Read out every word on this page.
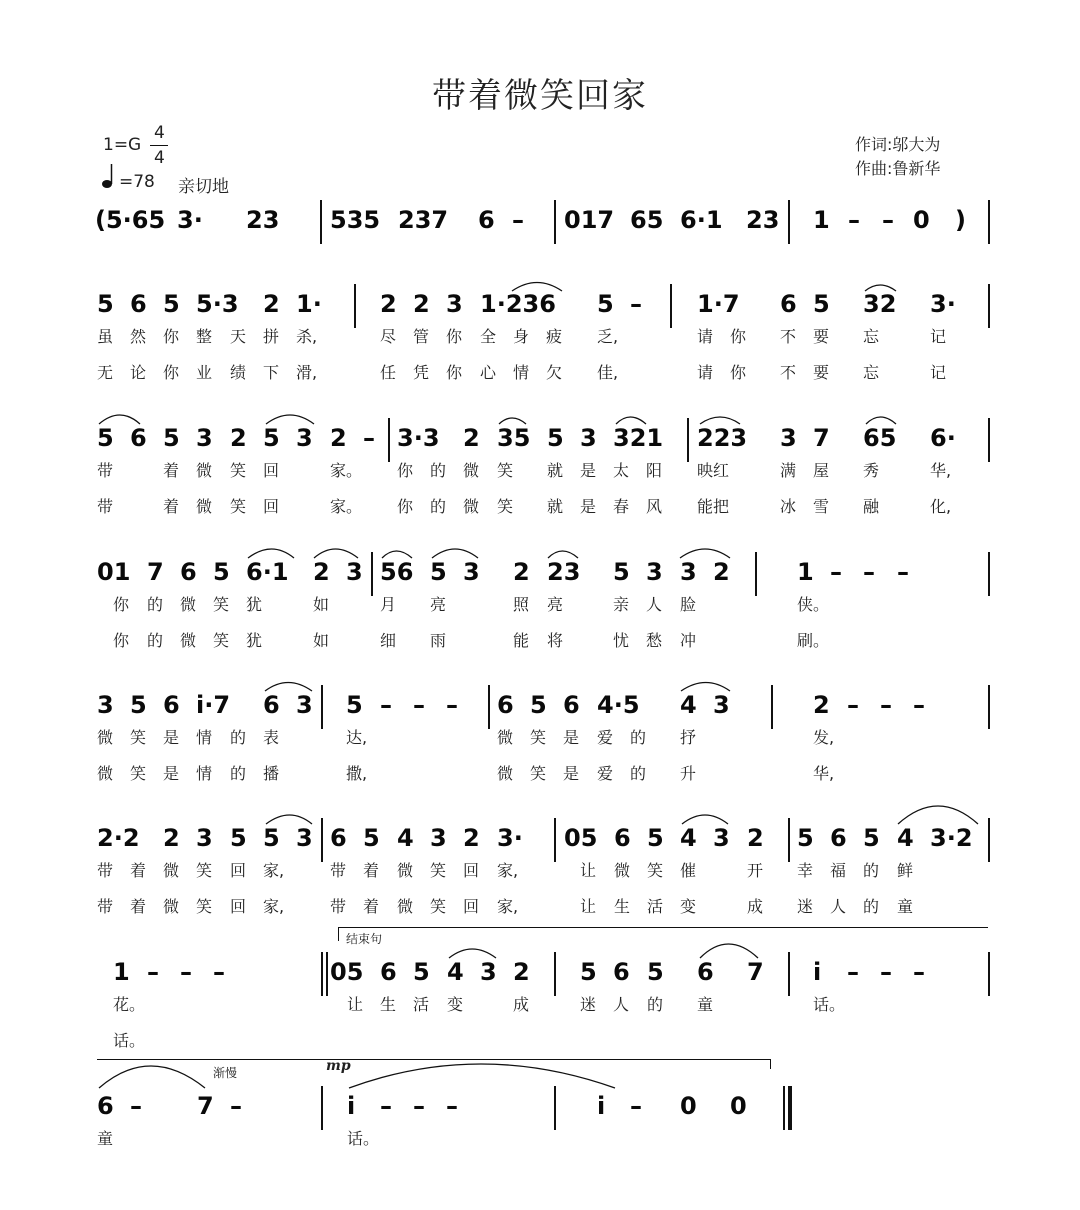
带着微笑回家
1=G
4
4
=78 亲切地
作词:邬大为
作曲:鲁新华
(5·65 3· 23 535 237 6 – 017 65 6·1 23 1 – – 0 )
5 6 5 5·3 2 1· 2 2 3 1·236 5 – 1·7 6 5 32 3·
虽 然 你 整 天 拼 杀,	尽 管 你 全 身 疲 乏,	请 你 不 要 忘	记
无 论 你 业 绩 下 滑,	任 凭 你 心 情 欠 佳,	请 你 不 要 忘	记
5 6 5 3 2 5 3 2 – 3·3 2 35 5 3 321 223 3 7 65 6·
带	着 微 笑 回	家。 你 的 微 笑 就 是 太 阳 映红	满 屋 秀	华,
带	着 微 笑 回	家。 你 的 微 笑 就 是 春 风 能把	冰 雪 融	化,
01 7 6 5 6·1 2 3 56 5 3 2 23 5 3 3 2	1 – – –
你 的 微 笑 犹	如	月 亮	照 亮	亲 人 脸	侠。
你 的 微 笑 犹	如	细 雨	能 将	忧 愁 冲	刷。
3 5 6 i·7 6 3 5 – – – 6 5 6 4·5 4 3	2 – – –
微 笑 是 情 的 表	达,	微 笑 是 爱 的 抒	发,
微 笑 是 情 的 播	撒,	微 笑 是 爱 的 升	华,
2·2 2 3 5 5 3 6 5 4 3 2 3· 05 6 5 4 3 2 5 6 5 4 3·2
带 着 微 笑 回 家,	带 着 微 笑 回 家,	让 微 笑 催	开 幸 福 的 鲜
带 着 微 笑 回 家,	带 着 微 笑 回 家,	让 生 活 变	成 迷 人 的 童
1 – – –	05 6 5 4 3 2 5 6 5 6 7 i – – –
花。	让 生 活 变	成	迷 人 的 童	话。
话。
6 – 7 –	i – – –	i – 0 0
童	话。
结束句
渐慢	mp
